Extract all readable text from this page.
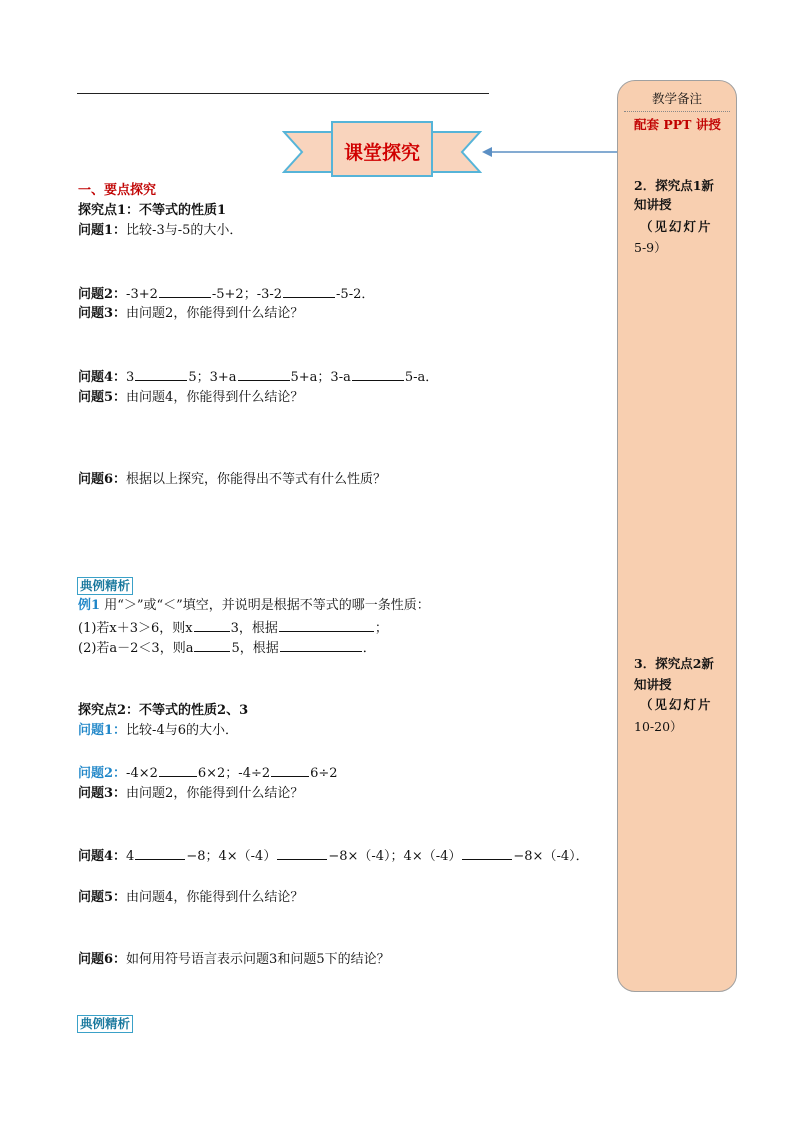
课堂探究
一、要点探究
探究点1：不等式的性质1
问题1：比较-3与-5的大小．
问题2：-3+2	-5+2；-3-2	-5-2．
问题3：由问题2，你能得到什么结论？
问题4：3	5；3+a	5+a；3-a	5-a．
问题5：由问题4，你能得到什么结论？
问题6：根据以上探究，你能得出不等式有什么性质？
典例精析
例1 用“＞”或“＜”填空，并说明是根据不等式的哪一条性质：
(1)若x＋3＞6，则x	3，根据	；
(2)若a－2＜3，则a	5，根据	．
探究点2：不等式的性质2、3
问题1：比较-4与6的大小．
问题2：-4×2	6×2；-4÷2	6÷2
问题3：由问题2，你能得到什么结论？
问题4：4	−8；4×（-4）	−8×（-4）；4×（-4）	−8×（-4）．
问题5：由问题4，你能得到什么结论？
问题6：如何用符号语言表示问题3和问题5下的结论？
典例精析
教学备注
配套 PPT 讲授
2．探究点1新
知讲授
（见幻灯片
5-9）
3．探究点2新
知讲授
（见幻灯片
10-20）
